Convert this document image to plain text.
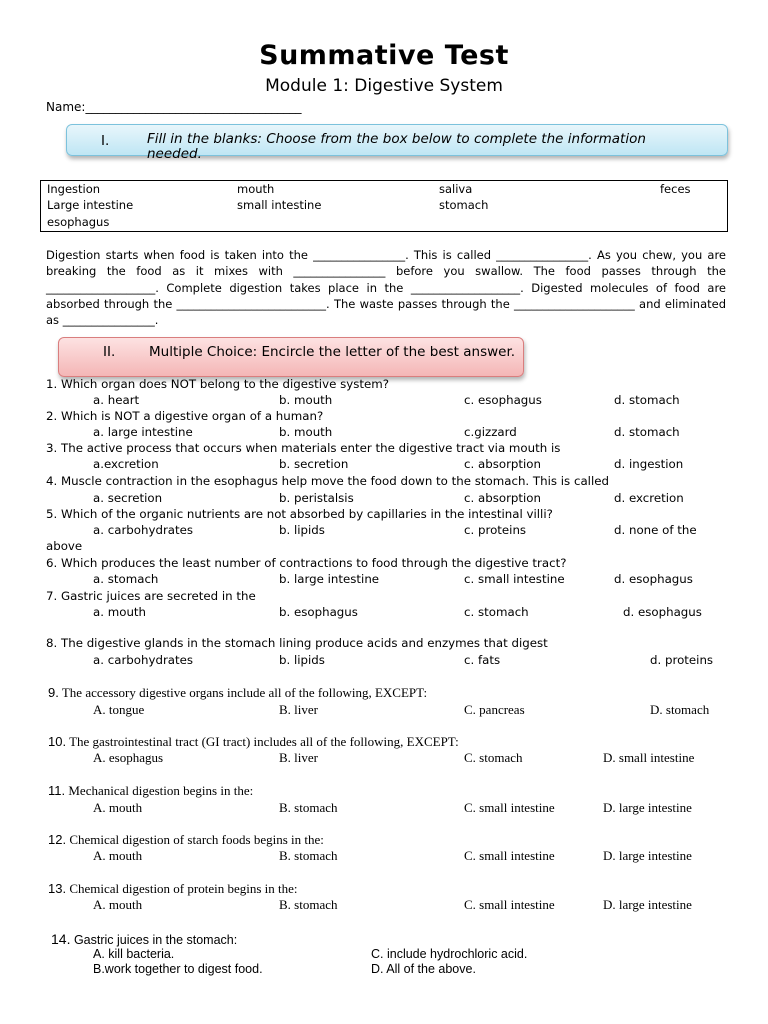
Summative Test
Module 1: Digestive System
Name:____________________________________
I.	Fill in the blanks: Choose from the box below to complete the information
needed.
Ingestion	mouth	saliva	feces
Large intestine	small intestine	stomach
esophagus
Digestion starts when food is taken into the ________________. This is called ________________. As you chew, you are breaking the food as it mixes with ________________ before you swallow. The food passes through the ___________________. Complete digestion takes place in the ___________________. Digested molecules of food are absorbed through the __________________________. The waste passes through the _____________________ and eliminated as ________________.
II. Multiple Choice: Encircle the letter of the best answer.
1. Which organ does NOT belong to the digestive system?
a. heart	b. mouth	c. esophagus	d. stomach
2. Which is NOT a digestive organ of a human?
a. large intestine	b. mouth	c.gizzard	d. stomach
3. The active process that occurs when materials enter the digestive tract via mouth is
a.excretion	b. secretion	c. absorption	d. ingestion
4. Muscle contraction in the esophagus help move the food down to the stomach. This is called
a. secretion	b. peristalsis	c. absorption	d. excretion
5. Which of the organic nutrients are not absorbed by capillaries in the intestinal villi?
a. carbohydrates	b. lipids	c. proteins	d. none of the
above
6. Which produces the least number of contractions to food through the digestive tract?
a. stomach	b. large intestine	c. small intestine	d. esophagus
7. Gastric juices are secreted in the
a. mouth	b. esophagus	c. stomach	d. esophagus
8. The digestive glands in the stomach lining produce acids and enzymes that digest
a. carbohydrates	b. lipids	c. fats	d. proteins
9. The accessory digestive organs include all of the following, EXCEPT:
A. tongue	B. liver	C. pancreas	D. stomach
10. The gastrointestinal tract (GI tract) includes all of the following, EXCEPT:
A. esophagus	B. liver	C. stomach	D. small intestine
11. Mechanical digestion begins in the:
A. mouth	B. stomach	C. small intestine	D. large intestine
12. Chemical digestion of starch foods begins in the:
A. mouth	B. stomach	C. small intestine	D. large intestine
13. Chemical digestion of protein begins in the:
A. mouth	B. stomach	C. small intestine	D. large intestine
14. Gastric juices in the stomach:
A. kill bacteria.	C. include hydrochloric acid.
B.work together to digest food.	D. All of the above.
